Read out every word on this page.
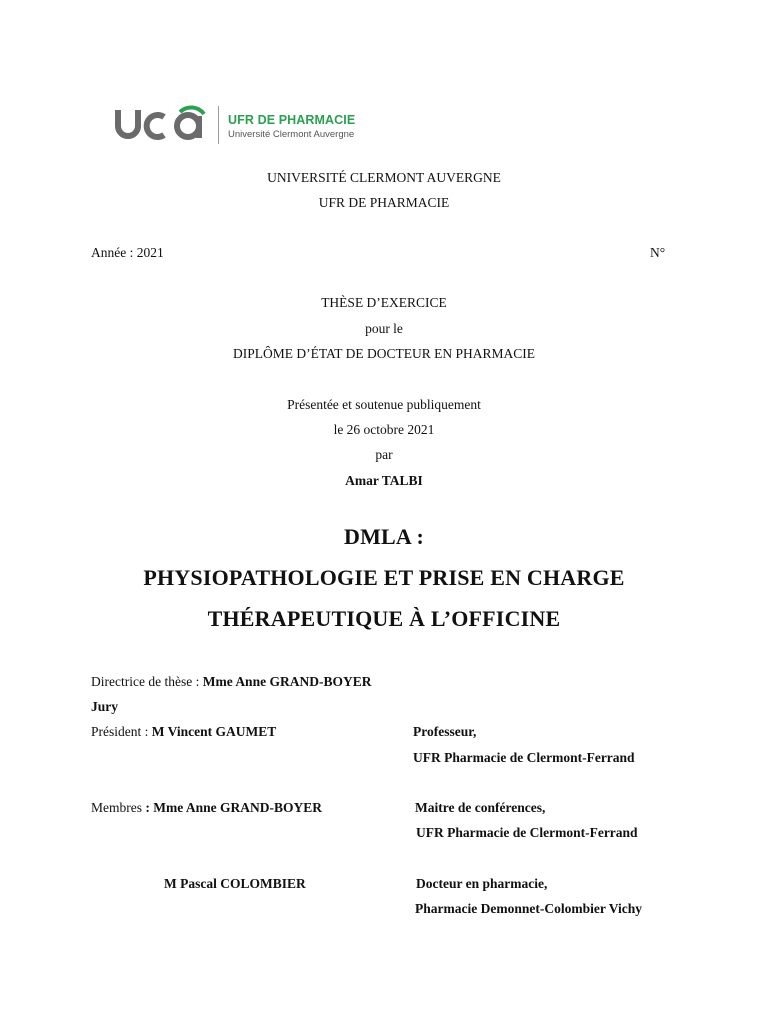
UFR DE PHARMACIE
Université Clermont Auvergne
UNIVERSITÉ CLERMONT AUVERGNE
UFR DE PHARMACIE
Année : 2021	N°
THÈSE D’EXERCICE
pour le
DIPLÔME D’ÉTAT DE DOCTEUR EN PHARMACIE
Présentée et soutenue publiquement
le 26 octobre 2021
par
Amar TALBI
DMLA :
PHYSIOPATHOLOGIE ET PRISE EN CHARGE
THÉRAPEUTIQUE À L’OFFICINE
Directrice de thèse : Mme Anne GRAND-BOYER
Jury
Président : M Vincent GAUMET	Professeur,
UFR Pharmacie de Clermont-Ferrand
Membres : Mme Anne GRAND-BOYER	Maitre de conférences,
UFR Pharmacie de Clermont-Ferrand
M Pascal COLOMBIER	Docteur en pharmacie,
Pharmacie Demonnet-Colombier Vichy
